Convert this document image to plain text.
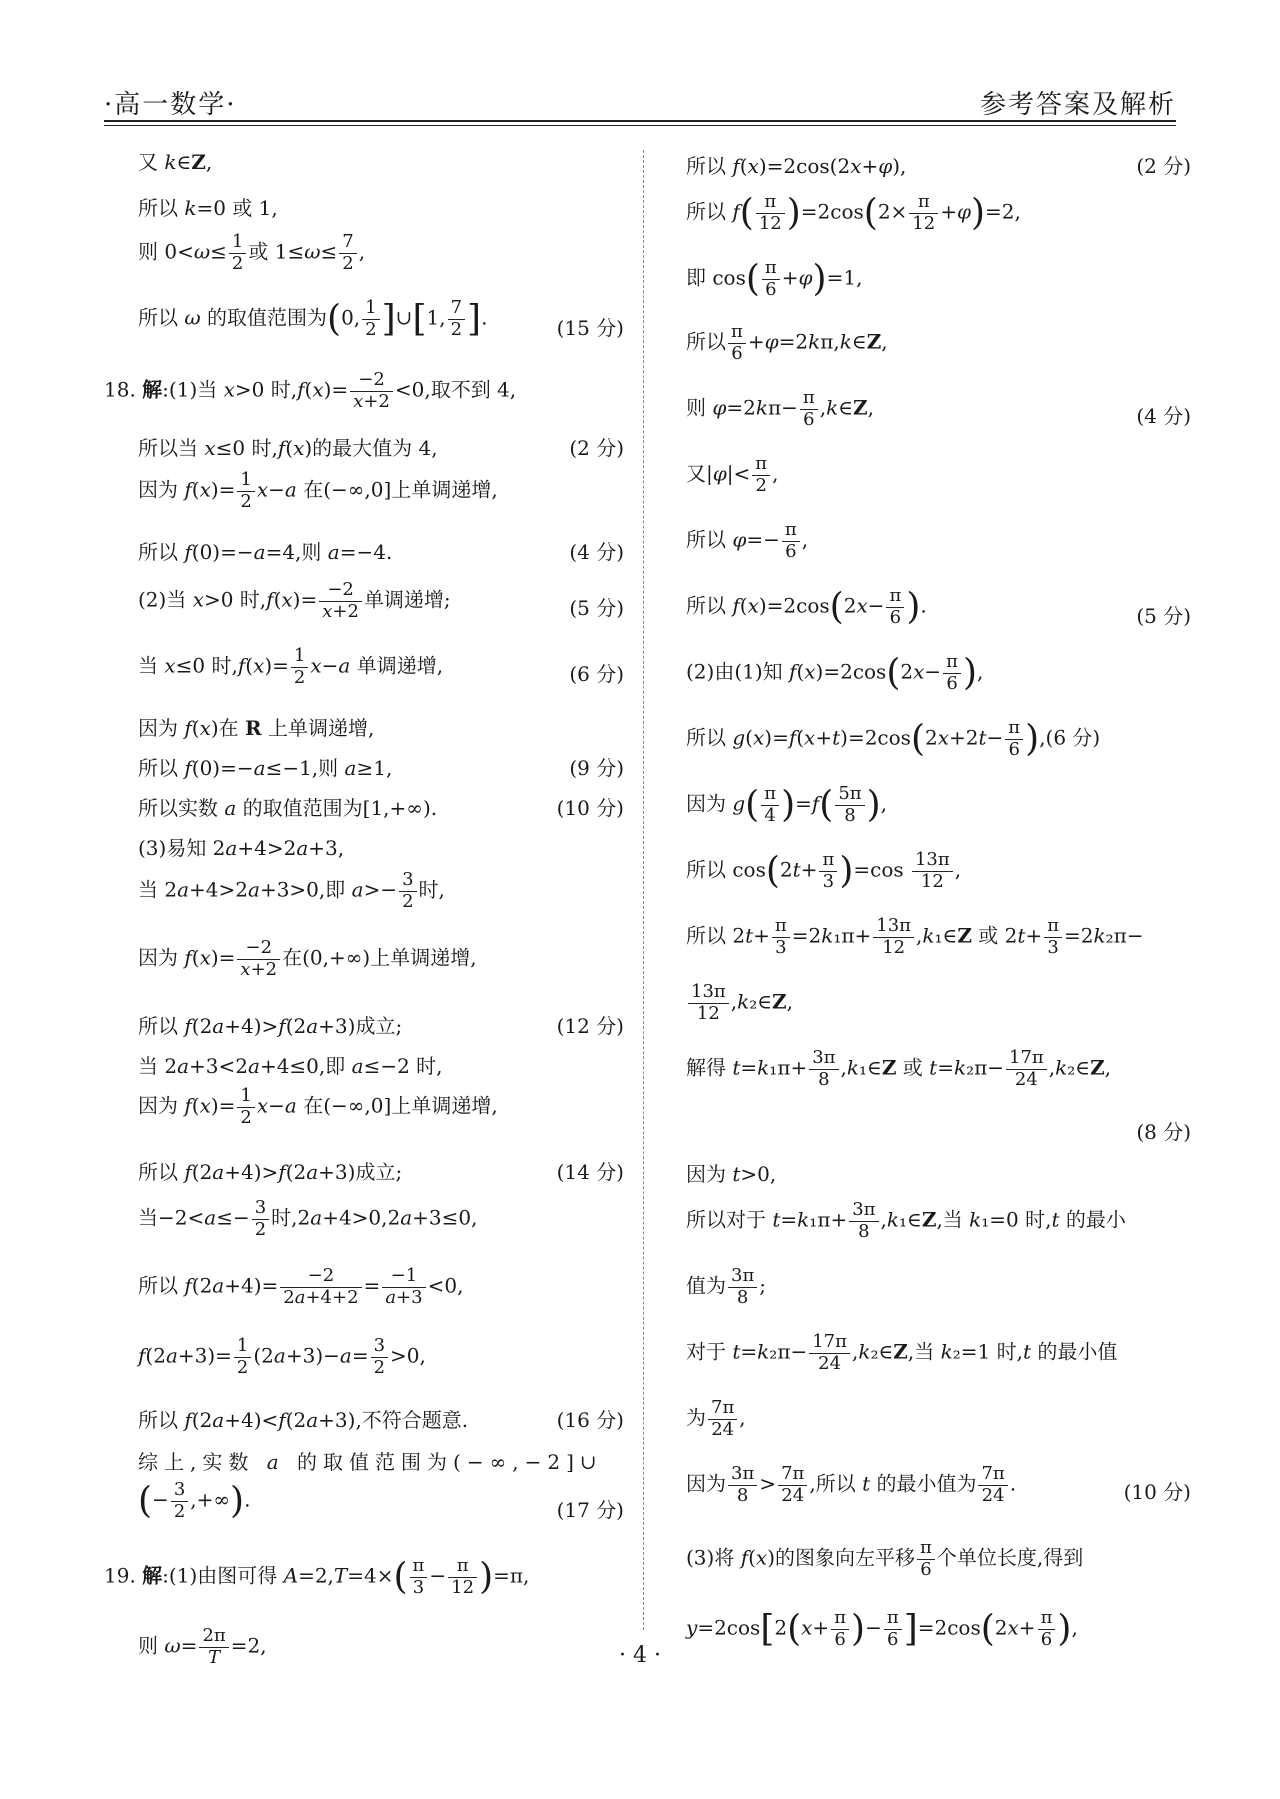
·高一数学·	参考答案及解析
又 k∈Z,
所以 k=0 或 1,
则 $0<\omega\le \frac{1}{2}$ 或 $1\le\omega\le \frac{7}{2}$ ,
所以 ω 的取值范围为(0, $\frac{1}{2}$ ]∪[1, $\frac{7}{2}$ ].	(15 分)
18. 解:(1)当 x>0 时$,f(x)= \frac{-2}{x+2} <0$,取不到 4,
所以当 x≤0 时,f(x)的最大值为 4,	(2 分)
因为 $f(x)= \frac{1}{2} x-a$ 在(−∞,0]上单调递增,
所以 f(0)=−a=4,则 a=−4.	(4 分)
(2)当 x>0 时$,f(x)= \frac{-2}{x+2}$ 单调递增;	(5 分)
当 x≤0 时$,f(x)= \frac{1}{2} x-a$ 单调递增,	(6 分)
因为 f(x)在 R 上单调递增,
所以 f(0)=−a≤−1,则 a≥1,	(9 分)
所以实数 a 的取值范围为[1,+∞).	(10 分)
(3)易知 2a+4>2a+3,
当 2a+4>2a+3>0,即 $a>- \frac{3}{2}$ 时,
因为 $f(x)= \frac{-2}{x+2}$ 在(0,+∞)上单调递增,
所以 f(2a+4)>f(2a+3)成立;	(12 分)
当 2a+3<2a+4≤0,即 a≤−2 时,
因为 $f(x)= \frac{1}{2} x-a$ 在(−∞,0]上单调递增,
所以 f(2a+4)>f(2a+3)成立;	(14 分)
当$-2<a\le- \frac{3}{2}$ 时,2a+4>0,2a+3≤0,
所以 $f(2a+4)= \frac{-2}{2a+4+2} = \frac{-1}{a+3} <0$,
$f(2a+3)= \frac{1}{2} (2a+3)-a= \frac{3}{2} >0$,
所以 f(2a+4)<f(2a+3),不符合题意.	(16 分)
综上,实数 a 的取值范围为(−∞,−2]∪
(− $\frac{3}{2}$ ,+∞).	(17 分)
19. 解:(1)由图可得 $A=2,T=4\times( \frac{\pi}{3} - \frac{\pi}{12} )=\pi$,
则 $\omega= \frac{2\pi}{T} =2$,
所以 f(x)=2cos(2x+φ),	(2 分)
所以 $f( \frac{\pi}{12} )=2\cos(2\times \frac{\pi}{12} +\varphi)=2$,
即 $\cos( \frac{\pi}{6} +\varphi)=1$,
所以 $\frac{\pi}{6}$ +φ=2kπ,k∈Z,
则 $\varphi=2k\pi- \frac{\pi}{6}$ ,k∈Z,	(4 分)
又$|\varphi|< \frac{\pi}{2}$ ,
所以 $\varphi=- \frac{\pi}{6}$ ,
所以 $f(x)=2\cos(2x- \frac{\pi}{6}$ ).	(5 分)
(2)由(1)知 $f(x)=2\cos(2x- \frac{\pi}{6}$ ),
所以 $g(x)=f(x+t)=2\cos(2x+2t- \frac{\pi}{6} ),(6$ 分)
因为 $g( \frac{\pi}{4} )=f( \frac{5\pi}{8}$ ),
所以 $\cos(2t+ \frac{\pi}{3} )=\cos \frac{13\pi}{12}$ ,
所以 $2t+ \frac{\pi}{3} =2k_1\pi+ \frac{13\pi}{12}$ ,k₁∈Z 或 $2t+ \frac{\pi}{3} =2k_2\pi-$
$\frac{13\pi}{12}$ ,k₂∈Z,
解得 $t=k_1\pi+ \frac{3\pi}{8}$ ,k₁∈Z 或 $t=k_2\pi- \frac{17\pi}{24}$ ,k₂∈Z,
(8 分)
因为 t>0,
所以对于 $t=k_1\pi+ \frac{3\pi}{8}$ ,k₁∈Z,当 k₁=0 时,t 的最小
值为 $\frac{3\pi}{8}$ ;
对于 $t=k_2\pi- \frac{17\pi}{24}$ ,k₂∈Z,当 k₂=1 时,t 的最小值
为 $\frac{7\pi}{24}$ ,
因为 $\frac{3\pi}{8} > \frac{7\pi}{24}$ ,所以 t 的最小值为 $\frac{7\pi}{24}$ .	(10 分)
(3)将 f(x)的图象向左平移 $\frac{\pi}{6}$ 个单位长度,得到
$y=2\cos[2(x+ \frac{\pi}{6}$ )− $\frac{\pi}{6} ]=2\cos(2x+ \frac{\pi}{6}$ ),
· 4 ·
